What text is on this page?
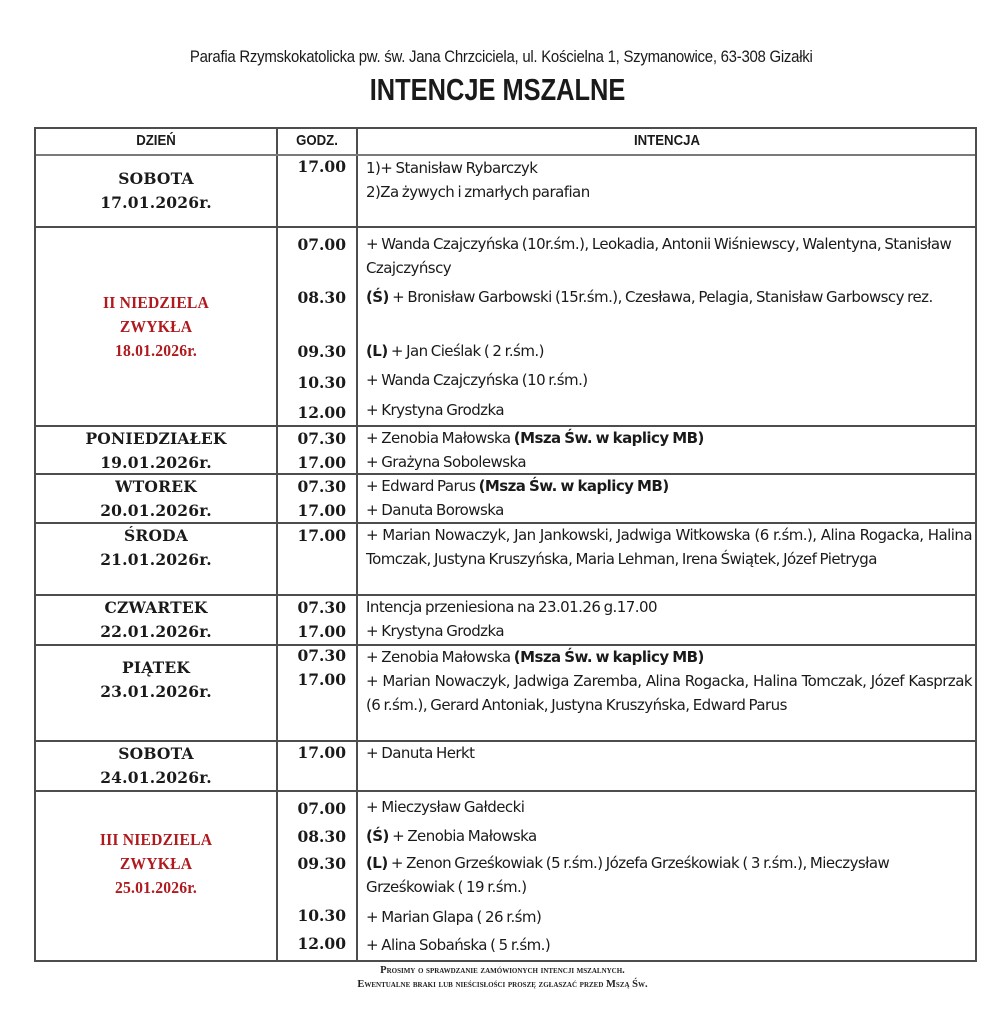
Parafia Rzymskokatolicka pw. św. Jana Chrzciciela, ul. Kościelna 1, Szymanowice, 63-308 Gizałki
INTENCJE MSZALNE
DZIEŃ	GODZ.	INTENCJA
SOBOTA
17.01.2026r.
17.00 1)+ Stanisław Rybarczyk
2)Za żywych i zmarłych parafian
II NIEDZIELA
ZWYKŁA
18.01.2026r.
07.00 + Wanda Czajczyńska (10r.śm.), Leokadia, Antonii Wiśniewscy, Walentyna, Stanisław Czajczyńscy
08.30 (Ś) + Bronisław Garbowski (15r.śm.), Czesława, Pelagia, Stanisław Garbowscy rez.
09.30 (L) + Jan Cieślak ( 2 r.śm.)
10.30 + Wanda Czajczyńska (10 r.śm.)
12.00 + Krystyna Grodzka
PONIEDZIAŁEK
19.01.2026r.
07.30 + Zenobia Małowska (Msza Św. w kaplicy MB)
17.00 + Grażyna Sobolewska
WTOREK
20.01.2026r.
07.30 + Edward Parus (Msza Św. w kaplicy MB)
17.00 + Danuta Borowska
ŚRODA
21.01.2026r.
17.00 + Marian Nowaczyk, Jan Jankowski, Jadwiga Witkowska (6 r.śm.), Alina Rogacka, Halina Tomczak, Justyna Kruszyńska, Maria Lehman, Irena Świątek, Józef Pietryga
CZWARTEK
22.01.2026r.
07.30 Intencja przeniesiona na 23.01.26 g.17.00
17.00 + Krystyna Grodzka
PIĄTEK
23.01.2026r.
07.30 + Zenobia Małowska (Msza Św. w kaplicy MB)
17.00 + Marian Nowaczyk, Jadwiga Zaremba, Alina Rogacka, Halina Tomczak, Józef Kasprzak (6 r.śm.), Gerard Antoniak, Justyna Kruszyńska, Edward Parus
SOBOTA
24.01.2026r.
17.00 + Danuta Herkt
III NIEDZIELA
ZWYKŁA
25.01.2026r.
07.00 + Mieczysław Gałdecki
08.30 (Ś) + Zenobia Małowska
09.30 (L) + Zenon Grześkowiak (5 r.śm.) Józefa Grześkowiak ( 3 r.śm.), Mieczysław Grześkowiak ( 19 r.śm.)
10.30 + Marian Glapa ( 26 r.śm)
12.00 + Alina Sobańska ( 5 r.śm.)
Prosimy o sprawdzanie zamówionych intencji mszalnych.
Ewentualne braki lub nieścisłości proszę zgłaszać przed Mszą Św.
